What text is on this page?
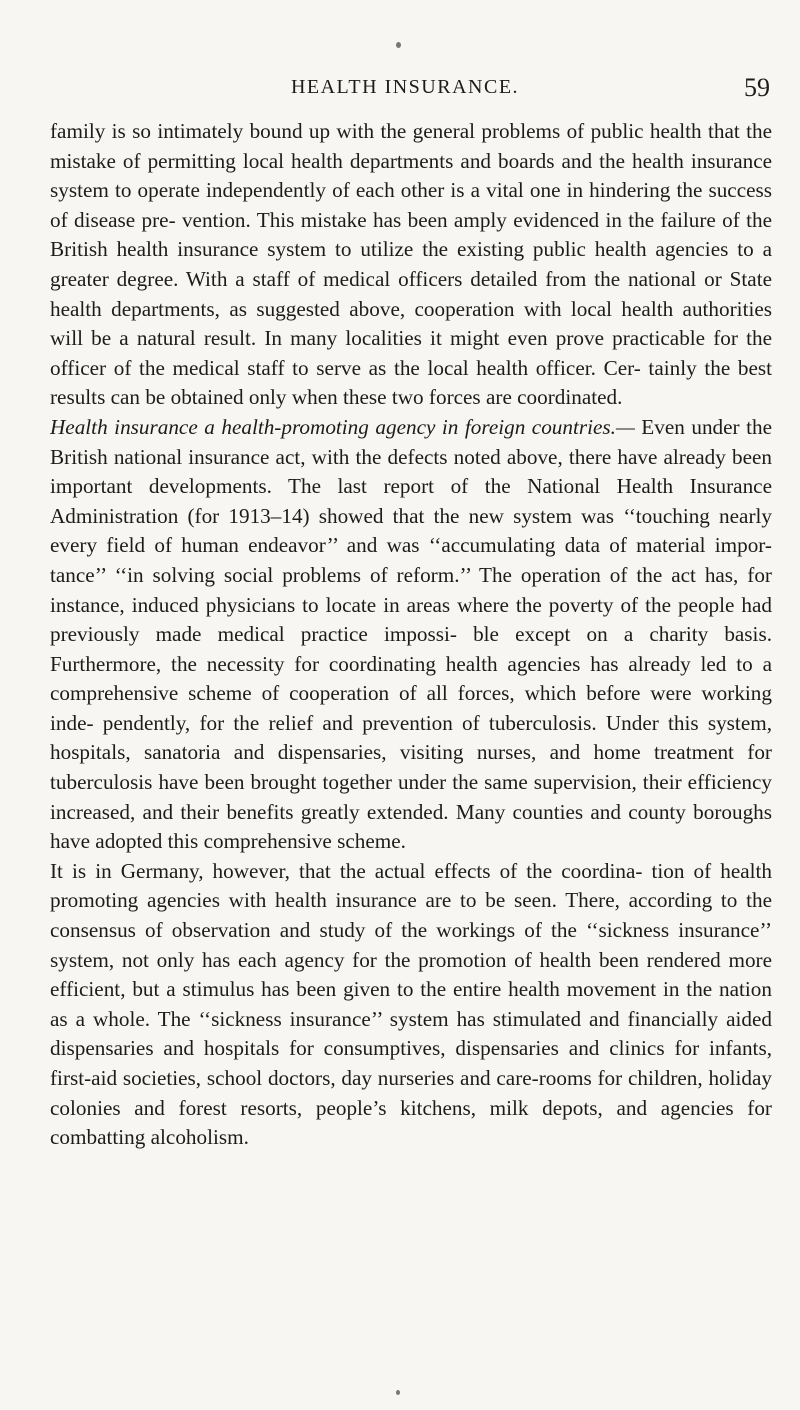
HEALTH INSURANCE.	59

family is so intimately bound up with the general problems of public health that the mistake of permitting local health departments and boards and the health insurance system to operate independently of each other is a vital one in hindering the success of disease pre- vention. This mistake has been amply evidenced in the failure of the British health insurance system to utilize the existing public health agencies to a greater degree. With a staff of medical officers detailed from the national or State health departments, as suggested above, cooperation with local health authorities will be a natural result. In many localities it might even prove practicable for the officer of the medical staff to serve as the local health officer. Cer- tainly the best results can be obtained only when these two forces are coordinated.

Health insurance a health-promoting agency in foreign countries.— Even under the British national insurance act, with the defects noted above, there have already been important developments. The last report of the National Health Insurance Administration (for 1913–14) showed that the new system was ‘‘touching nearly every field of human endeavor’’ and was ‘‘accumulating data of material impor- tance’’ ‘‘in solving social problems of reform.’’ The operation of the act has, for instance, induced physicians to locate in areas where the poverty of the people had previously made medical practice impossi- ble except on a charity basis. Furthermore, the necessity for coordinating health agencies has already led to a comprehensive scheme of cooperation of all forces, which before were working inde- pendently, for the relief and prevention of tuberculosis. Under this system, hospitals, sanatoria and dispensaries, visiting nurses, and home treatment for tuberculosis have been brought together under the same supervision, their efficiency increased, and their benefits greatly extended. Many counties and county boroughs have adopted this comprehensive scheme.

It is in Germany, however, that the actual effects of the coordina- tion of health promoting agencies with health insurance are to be seen. There, according to the consensus of observation and study of the workings of the ‘‘sickness insurance’’ system, not only has each agency for the promotion of health been rendered more efficient, but a stimulus has been given to the entire health movement in the nation as a whole. The ‘‘sickness insurance’’ system has stimulated and financially aided dispensaries and hospitals for consumptives, dispensaries and clinics for infants, first-aid societies, school doctors, day nurseries and care-rooms for children, holiday colonies and forest resorts, people’s kitchens, milk depots, and agencies for combatting alcoholism.
